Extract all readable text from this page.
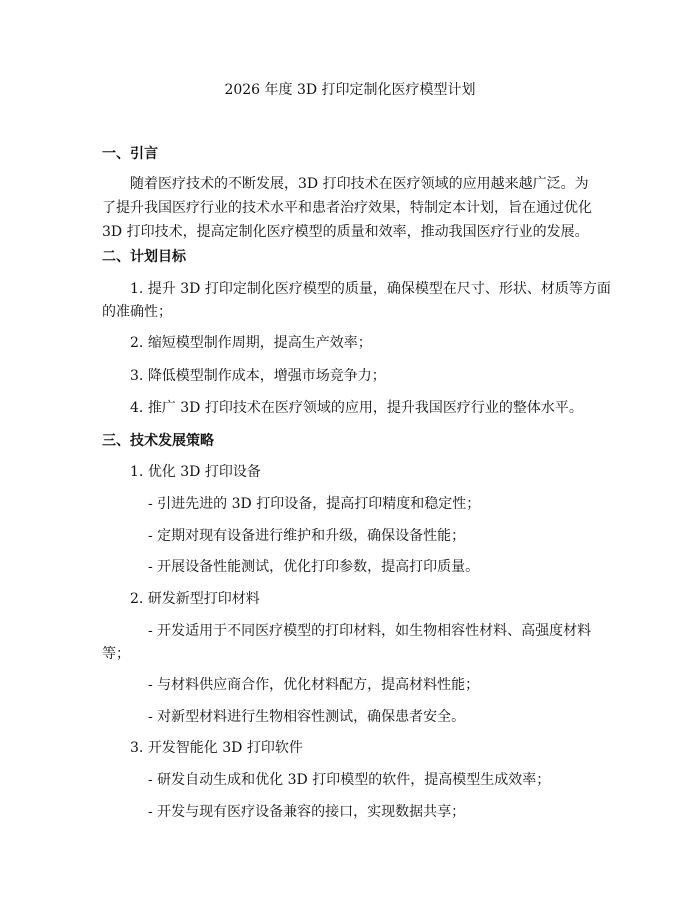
2026 年度 3D 打印定制化医疗模型计划
一、引言
随着医疗技术的不断发展，3D 打印技术在医疗领域的应用越来越广泛。为了提升我国医疗行业的技术水平和患者治疗效果，特制定本计划，旨在通过优化 3D 打印技术，提高定制化医疗模型的质量和效率，推动我国医疗行业的发展。
二、计划目标
1. 提升 3D 打印定制化医疗模型的质量，确保模型在尺寸、形状、材质等方面
的准确性；
2. 缩短模型制作周期，提高生产效率；
3. 降低模型制作成本，增强市场竞争力；
4. 推广 3D 打印技术在医疗领域的应用，提升我国医疗行业的整体水平。
三、技术发展策略
1. 优化 3D 打印设备
- 引进先进的 3D 打印设备，提高打印精度和稳定性；
- 定期对现有设备进行维护和升级，确保设备性能；
- 开展设备性能测试，优化打印参数，提高打印质量。
2. 研发新型打印材料
- 开发适用于不同医疗模型的打印材料，如生物相容性材料、高强度材料
等；
- 与材料供应商合作，优化材料配方，提高材料性能；
- 对新型材料进行生物相容性测试，确保患者安全。
3. 开发智能化 3D 打印软件
- 研发自动生成和优化 3D 打印模型的软件，提高模型生成效率；
- 开发与现有医疗设备兼容的接口，实现数据共享；
